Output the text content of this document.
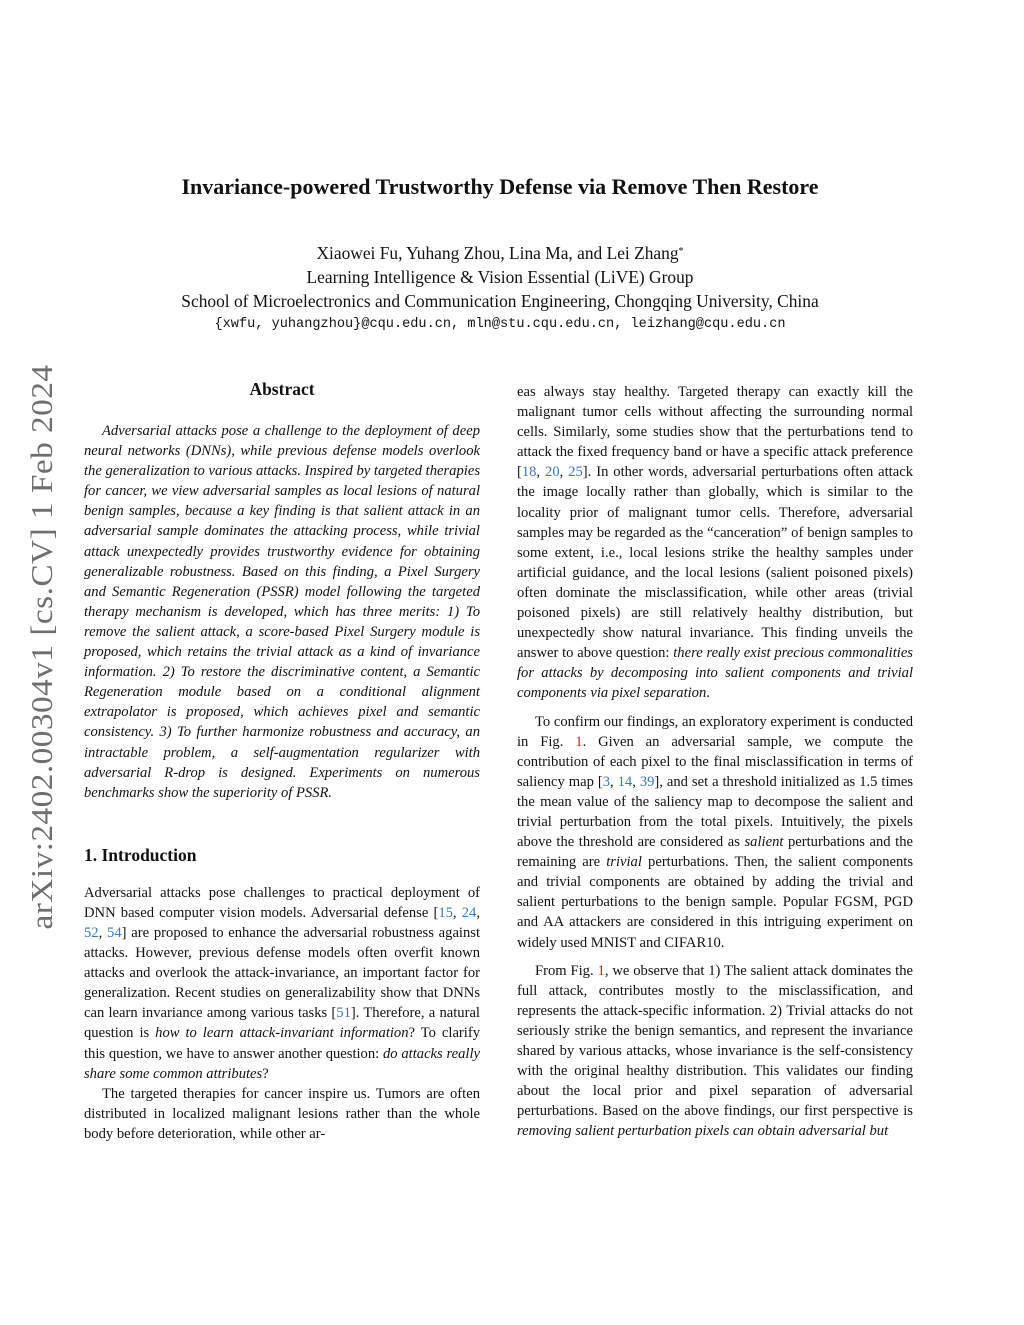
arXiv:2402.00304v1 [cs.CV] 1 Feb 2024
Invariance-powered Trustworthy Defense via Remove Then Restore
Xiaowei Fu, Yuhang Zhou, Lina Ma, and Lei Zhang*
Learning Intelligence & Vision Essential (LiVE) Group
School of Microelectronics and Communication Engineering, Chongqing University, China
{xwfu, yuhangzhou}@cqu.edu.cn, mln@stu.cqu.edu.cn, leizhang@cqu.edu.cn
Abstract

Adversarial attacks pose a challenge to the deployment of deep neural networks (DNNs), while previous defense models overlook the generalization to various attacks. Inspired by targeted therapies for cancer, we view adversarial samples as local lesions of natural benign samples, because a key finding is that salient attack in an adversarial sample dominates the attacking process, while trivial attack unexpectedly provides trustworthy evidence for obtaining generalizable robustness. Based on this finding, a Pixel Surgery and Semantic Regeneration (PSSR) model following the targeted therapy mechanism is developed, which has three merits: 1) To remove the salient attack, a score-based Pixel Surgery module is proposed, which retains the trivial attack as a kind of invariance information. 2) To restore the discriminative content, a Semantic Regeneration module based on a conditional alignment extrapolator is proposed, which achieves pixel and semantic consistency. 3) To further harmonize robustness and accuracy, an intractable problem, a self-augmentation regularizer with adversarial R-drop is designed. Experiments on numerous benchmarks show the superiority of PSSR.

1. Introduction

Adversarial attacks pose challenges to practical deployment of DNN based computer vision models. Adversarial defense [15, 24, 52, 54] are proposed to enhance the adversarial robustness against attacks. However, previous defense models often overfit known attacks and overlook the attack-invariance, an important factor for generalization. Recent studies on generalizability show that DNNs can learn invariance among various tasks [51]. Therefore, a natural question is how to learn attack-invariant information? To clarify this question, we have to answer another question: do attacks really share some common attributes?

The targeted therapies for cancer inspire us. Tumors are often distributed in localized malignant lesions rather than the whole body before deterioration, while other ar-

eas always stay healthy. Targeted therapy can exactly kill the malignant tumor cells without affecting the surrounding normal cells. Similarly, some studies show that the perturbations tend to attack the fixed frequency band or have a specific attack preference [18, 20, 25]. In other words, adversarial perturbations often attack the image locally rather than globally, which is similar to the locality prior of malignant tumor cells. Therefore, adversarial samples may be regarded as the “canceration” of benign samples to some extent, i.e., local lesions strike the healthy samples under artificial guidance, and the local lesions (salient poisoned pixels) often dominate the misclassification, while other areas (trivial poisoned pixels) are still relatively healthy distribution, but unexpectedly show natural invariance. This finding unveils the answer to above question: there really exist precious commonalities for attacks by decomposing into salient components and trivial components via pixel separation.

To confirm our findings, an exploratory experiment is conducted in Fig. 1. Given an adversarial sample, we compute the contribution of each pixel to the final misclassification in terms of saliency map [3, 14, 39], and set a threshold initialized as 1.5 times the mean value of the saliency map to decompose the salient and trivial perturbation from the total pixels. Intuitively, the pixels above the threshold are considered as salient perturbations and the remaining are trivial perturbations. Then, the salient components and trivial components are obtained by adding the trivial and salient perturbations to the benign sample. Popular FGSM, PGD and AA attackers are considered in this intriguing experiment on widely used MNIST and CIFAR10.

From Fig. 1, we observe that 1) The salient attack dominates the full attack, contributes mostly to the misclassification, and represents the attack-specific information. 2) Trivial attacks do not seriously strike the benign semantics, and represent the invariance shared by various attacks, whose invariance is the self-consistency with the original healthy distribution. This validates our finding about the local prior and pixel separation of adversarial perturbations. Based on the above findings, our first perspective is removing salient perturbation pixels can obtain adversarial but
